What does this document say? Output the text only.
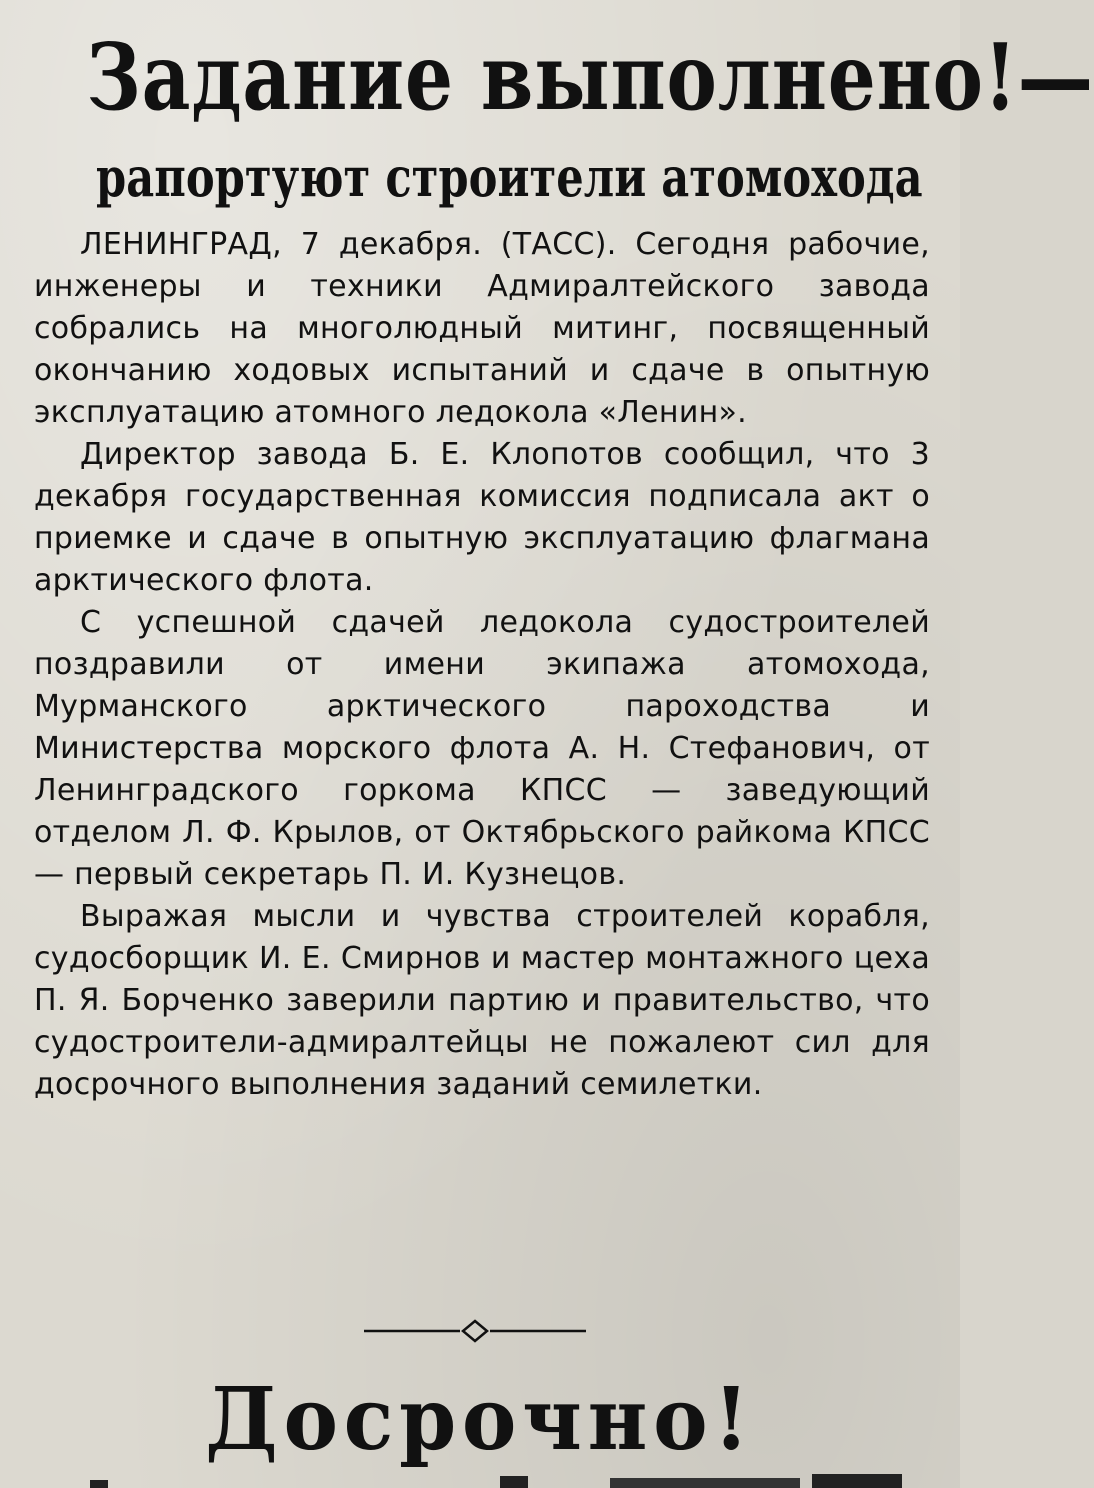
Задание выполнено!—
рапортуют строители атомохода

ЛЕНИНГРАД, 7 декабря. (ТАСС). Сегодня рабочие, инженеры и техники Адмиралтейского завода собрались на многолюдный митинг, посвященный окончанию ходовых испытаний и сдаче в опытную эксплуатацию атомного ледокола «Ленин».

Директор завода Б. Е. Клопотов сообщил, что 3 декабря государственная комиссия подписала акт о приемке и сдаче в опытную эксплуатацию флагмана арктического флота.

С успешной сдачей ледокола судостроителей поздравили от имени экипажа атомохода, Мурманского арктического пароходства и Министерства морского флота А. Н. Стефанович, от Ленинградского горкома КПСС — заведующий отделом Л. Ф. Крылов, от Октябрьского райкома КПСС — первый секретарь П. И. Кузнецов.

Выражая мысли и чувства строителей корабля, судосборщик И. Е. Смирнов и мастер монтажного цеха П. Я. Борченко заверили партию и правительство, что судостроители-адмиралтейцы не пожалеют сил для досрочного выполнения заданий семилетки.

Досрочно!
